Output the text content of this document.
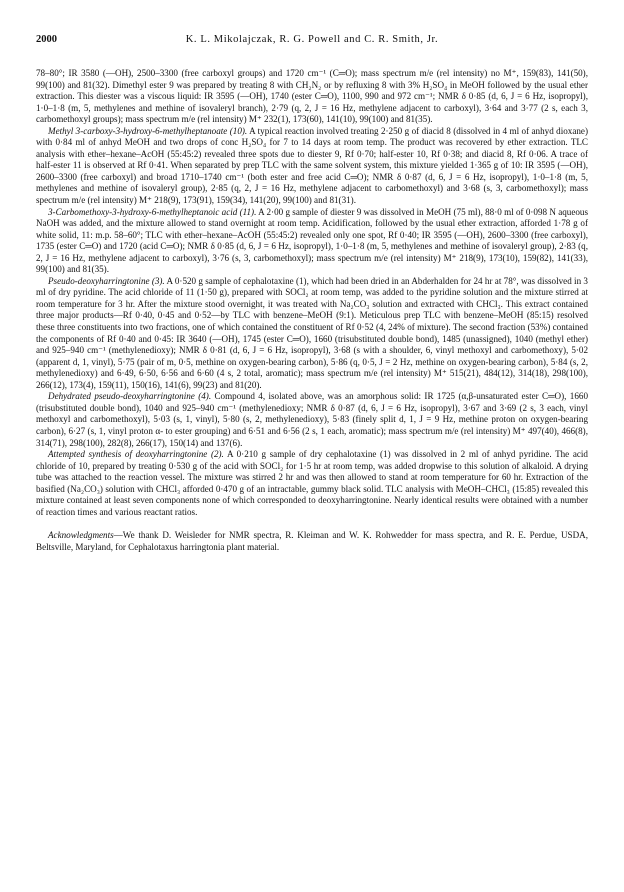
2000	K. L. Mikolajczak, R. G. Powell and C. R. Smith, Jr.

78–80°; IR 3580 (—OH), 2500–3300 (free carboxyl groups) and 1720 cm⁻¹ (C═O); mass spectrum m/e (rel intensity) no M⁺, 159(83), 141(50), 99(100) and 81(32). Dimethyl ester 9 was prepared by treating 8 with CH₂N₂ or by refluxing 8 with 3% H₂SO₄ in MeOH followed by the usual ether extraction. This diester was a viscous liquid: IR 3595 (—OH), 1740 (ester C═O), 1100, 990 and 972 cm⁻¹; NMR δ 0·85 (d, 6, J = 6 Hz, isopropyl), 1·0–1·8 (m, 5, methylenes and methine of isovaleryl branch), 2·79 (q, 2, J = 16 Hz, methylene adjacent to carboxyl), 3·64 and 3·77 (2 s, each 3, carbomethoxyl groups); mass spectrum m/e (rel intensity) M⁺ 232(1), 173(60), 141(10), 99(100) and 81(35).

Methyl 3-carboxy-3-hydroxy-6-methylheptanoate (10). A typical reaction involved treating 2·250 g of diacid 8 (dissolved in 4 ml of anhyd dioxane) with 0·84 ml of anhyd MeOH and two drops of conc H₂SO₄ for 7 to 14 days at room temp. The product was recovered by ether extraction. TLC analysis with ether–hexane–AcOH (55:45:2) revealed three spots due to diester 9, Rf 0·70; half-ester 10, Rf 0·38; and diacid 8, Rf 0·06. A trace of half-ester 11 is observed at Rf 0·41. When separated by prep TLC with the same solvent system, this mixture yielded 1·365 g of 10: IR 3595 (—OH), 2600–3300 (free carboxyl) and broad 1710–1740 cm⁻¹ (both ester and free acid C═O); NMR δ 0·87 (d, 6, J = 6 Hz, isopropyl), 1·0–1·8 (m, 5, methylenes and methine of isovaleryl group), 2·85 (q, 2, J = 16 Hz, methylene adjacent to carbomethoxyl) and 3·68 (s, 3, carbomethoxyl); mass spectrum m/e (rel intensity) M⁺ 218(9), 173(91), 159(34), 141(20), 99(100) and 81(31).

3-Carbomethoxy-3-hydroxy-6-methylheptanoic acid (11). A 2·00 g sample of diester 9 was dissolved in MeOH (75 ml), 88·0 ml of 0·098 N aqueous NaOH was added, and the mixture allowed to stand overnight at room temp. Acidification, followed by the usual ether extraction, afforded 1·78 g of white solid, 11: m.p. 58–60°; TLC with ether–hexane–AcOH (55:45:2) revealed only one spot, Rf 0·40; IR 3595 (—OH), 2600–3300 (free carboxyl), 1735 (ester C═O) and 1720 (acid C═O); NMR δ 0·85 (d, 6, J = 6 Hz, isopropyl), 1·0–1·8 (m, 5, methylenes and methine of isovaleryl group), 2·83 (q, 2, J = 16 Hz, methylene adjacent to carboxyl), 3·76 (s, 3, carbomethoxyl); mass spectrum m/e (rel intensity) M⁺ 218(9), 173(10), 159(82), 141(33), 99(100) and 81(35).

Pseudo-deoxyharringtonine (3). A 0·520 g sample of cephalotaxine (1), which had been dried in an Abderhalden for 24 hr at 78°, was dissolved in 3 ml of dry pyridine. The acid chloride of 11 (1·50 g), prepared with SOCl₂ at room temp, was added to the pyridine solution and the mixture stirred at room temperature for 3 hr. After the mixture stood overnight, it was treated with Na₂CO₃ solution and extracted with CHCl₃. This extract contained three major products—Rf 0·40, 0·45 and 0·52—by TLC with benzene–MeOH (9:1). Meticulous prep TLC with benzene–MeOH (85:15) resolved these three constituents into two fractions, one of which contained the constituent of Rf 0·52 (4, 24% of mixture). The second fraction (53%) contained the components of Rf 0·40 and 0·45: IR 3640 (—OH), 1745 (ester C═O), 1660 (trisubstituted double bond), 1485 (unassigned), 1040 (methyl ether) and 925–940 cm⁻¹ (methylenedioxy); NMR δ 0·81 (d, 6, J = 6 Hz, isopropyl), 3·68 (s with a shoulder, 6, vinyl methoxyl and carbomethoxy), 5·02 (apparent d, 1, vinyl), 5·75 (pair of m, 0·5, methine on oxygen-bearing carbon), 5·86 (q, 0·5, J = 2 Hz, methine on oxygen-bearing carbon), 5·84 (s, 2, methylenedioxy) and 6·49, 6·50, 6·56 and 6·60 (4 s, 2 total, aromatic); mass spectrum m/e (rel intensity) M⁺ 515(21), 484(12), 314(18), 298(100), 266(12), 173(4), 159(11), 150(16), 141(6), 99(23) and 81(20).

Dehydrated pseudo-deoxyharringtonine (4). Compound 4, isolated above, was an amorphous solid: IR 1725 (α,β-unsaturated ester C═O), 1660 (trisubstituted double bond), 1040 and 925–940 cm⁻¹ (methylenedioxy; NMR δ 0·87 (d, 6, J = 6 Hz, isopropyl), 3·67 and 3·69 (2 s, 3 each, vinyl methoxyl and carbomethoxyl), 5·03 (s, 1, vinyl), 5·80 (s, 2, methylenedioxy), 5·83 (finely split d, 1, J = 9 Hz, methine proton on oxygen-bearing carbon), 6·27 (s, 1, vinyl proton α- to ester grouping) and 6·51 and 6·56 (2 s, 1 each, aromatic); mass spectrum m/e (rel intensity) M⁺ 497(40), 466(8), 314(71), 298(100), 282(8), 266(17), 150(14) and 137(6).

Attempted synthesis of deoxyharringtonine (2). A 0·210 g sample of dry cephalotaxine (1) was dissolved in 2 ml of anhyd pyridine. The acid chloride of 10, prepared by treating 0·530 g of the acid with SOCl₂ for 1·5 hr at room temp, was added dropwise to this solution of alkaloid. A drying tube was attached to the reaction vessel. The mixture was stirred 2 hr and was then allowed to stand at room temperature for 60 hr. Extraction of the basified (Na₂CO₃) solution with CHCl₃ afforded 0·470 g of an intractable, gummy black solid. TLC analysis with MeOH–CHCl₃ (15:85) revealed this mixture contained at least seven components none of which corresponded to deoxyharringtonine. Nearly identical results were obtained with a number of reaction times and various reactant ratios.

Acknowledgments—We thank D. Weisleder for NMR spectra, R. Kleiman and W. K. Rohwedder for mass spectra, and R. E. Perdue, USDA, Beltsville, Maryland, for Cephalotaxus harringtonia plant material.
